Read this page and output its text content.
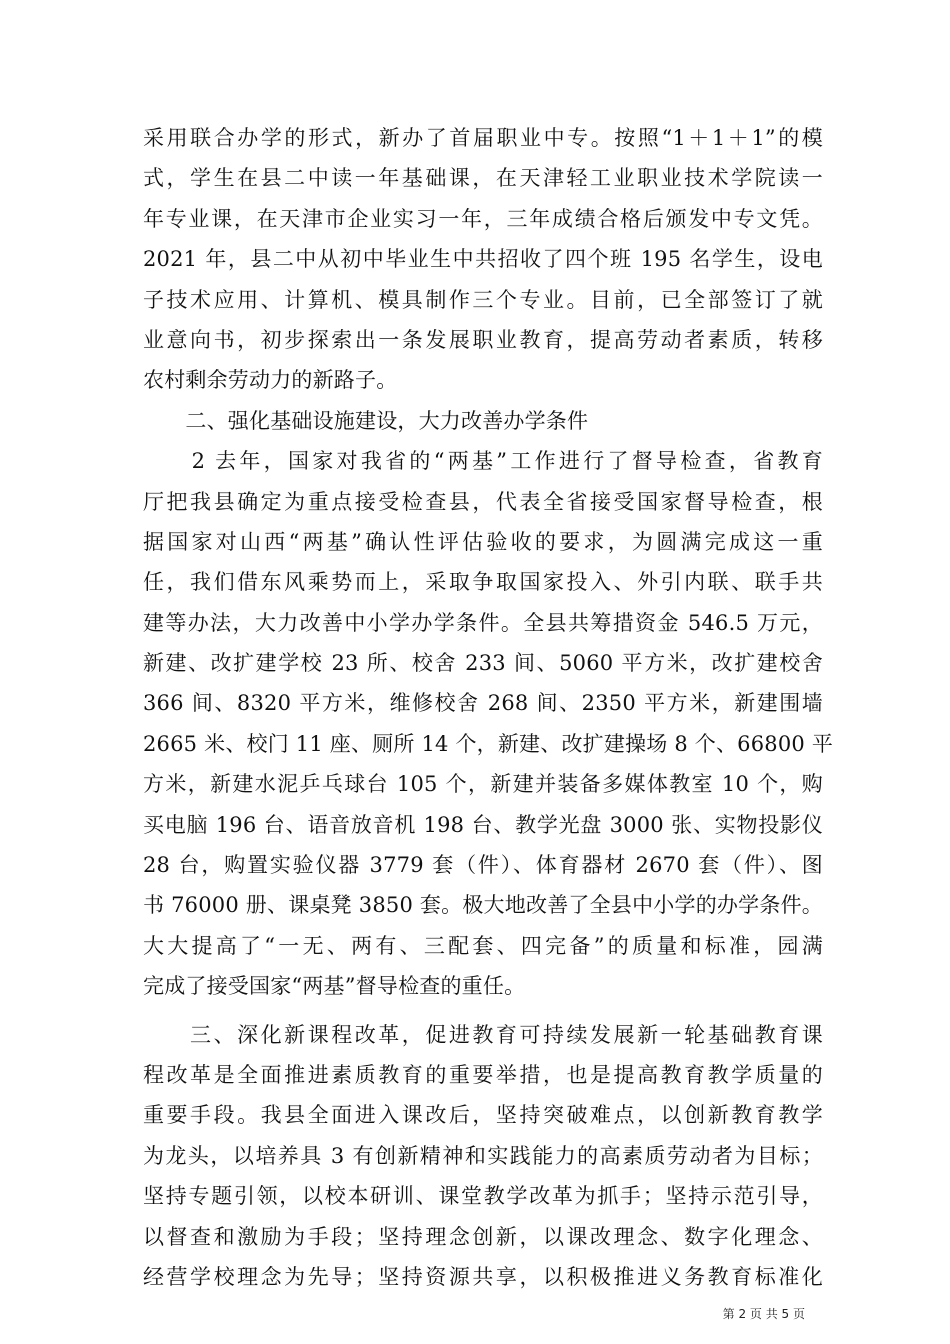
采用联合办学的形式，新办了首届职业中专。按照“1＋1＋1”的模
式，学生在县二中读一年基础课，在天津轻工业职业技术学院读一
年专业课，在天津市企业实习一年，三年成绩合格后颁发中专文凭。
2021 年，县二中从初中毕业生中共招收了四个班 195 名学生，设电
子技术应用、计算机、模具制作三个专业。目前，已全部签订了就
业意向书，初步探索出一条发展职业教育，提高劳动者素质，转移
农村剩余劳动力的新路子。
　　二、强化基础设施建设，大力改善办学条件
　　2 去年，国家对我省的“两基”工作进行了督导检查，省教育
厅把我县确定为重点接受检查县，代表全省接受国家督导检查，根
据国家对山西“两基”确认性评估验收的要求，为圆满完成这一重
任，我们借东风乘势而上，采取争取国家投入、外引内联、联手共
建等办法，大力改善中小学办学条件。全县共筹措资金 546.5 万元，
新建、改扩建学校 23 所、校舍 233 间、5060 平方米，改扩建校舍
366 间、8320 平方米，维修校舍 268 间、2350 平方米，新建围墙
2665 米、校门 11 座、厕所 14 个，新建、改扩建操场 8 个、66800 平
方米，新建水泥乒乓球台 105 个，新建并装备多媒体教室 10 个，购
买电脑 196 台、语音放音机 198 台、教学光盘 3000 张、实物投影仪
28 台，购置实验仪器 3779 套（件）、体育器材 2670 套（件）、图
书 76000 册、课桌凳 3850 套。极大地改善了全县中小学的办学条件。
大大提高了“一无、两有、三配套、四完备”的质量和标准，园满
完成了接受国家“两基”督导检查的重任。
　　三、深化新课程改革，促进教育可持续发展新一轮基础教育课
程改革是全面推进素质教育的重要举措，也是提高教育教学质量的
重要手段。我县全面进入课改后，坚持突破难点，以创新教育教学
为龙头，以培养具 3 有创新精神和实践能力的高素质劳动者为目标；
坚持专题引领，以校本研训、课堂教学改革为抓手；坚持示范引导，
以督查和激励为手段；坚持理念创新，以课改理念、数字化理念、
经营学校理念为先导；坚持资源共享，以积极推进义务教育标准化
第 2 页 共 5 页
